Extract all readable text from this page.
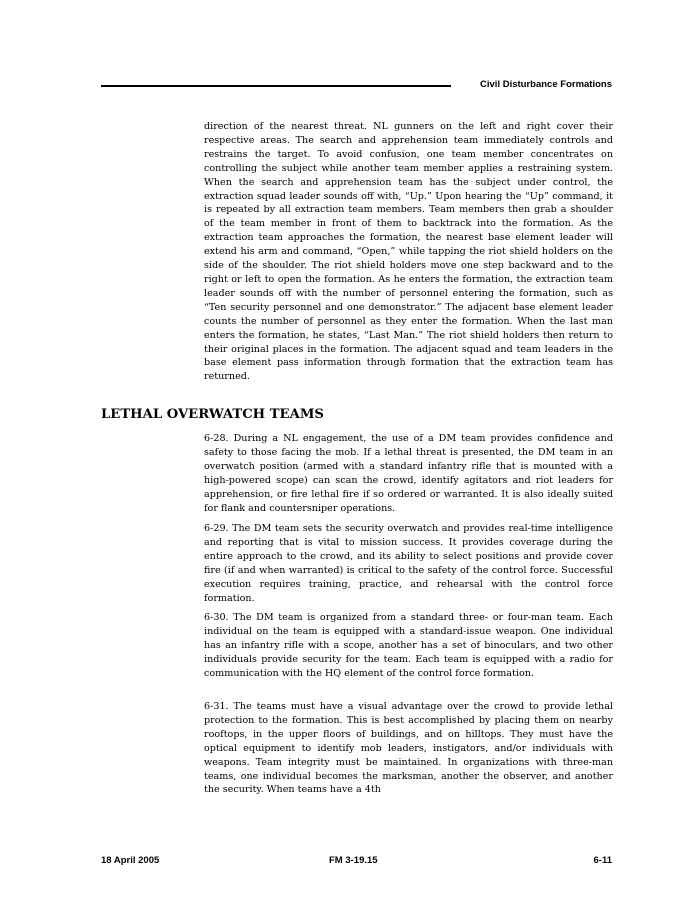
Civil Disturbance Formations

direction of the nearest threat. NL gunners on the left and right cover their respective areas. The search and apprehension team immediately controls and restrains the target. To avoid confusion, one team member concentrates on controlling the subject while another team member applies a restraining system. When the search and apprehension team has the subject under control, the extraction squad leader sounds off with, “Up.” Upon hearing the “Up” command, it is repeated by all extraction team members. Team members then grab a shoulder of the team member in front of them to backtrack into the formation. As the extraction team approaches the formation, the nearest base element leader will extend his arm and command, “Open,” while tapping the riot shield holders on the side of the shoulder. The riot shield holders move one step backward and to the right or left to open the formation. As he enters the formation, the extraction team leader sounds off with the number of personnel entering the formation, such as “Ten security personnel and one demonstrator.” The adjacent base element leader counts the number of personnel as they enter the formation. When the last man enters the formation, he states, “Last Man.” The riot shield holders then return to their original places in the formation. The adjacent squad and team leaders in the base element pass information through formation that the extraction team has returned.

LETHAL OVERWATCH TEAMS

6-28. During a NL engagement, the use of a DM team provides confidence and safety to those facing the mob. If a lethal threat is presented, the DM team in an overwatch position (armed with a standard infantry rifle that is mounted with a high-powered scope) can scan the crowd, identify agitators and riot leaders for apprehension, or fire lethal fire if so ordered or warranted. It is also ideally suited for flank and countersniper operations.

6-29. The DM team sets the security overwatch and provides real-time intelligence and reporting that is vital to mission success. It provides coverage during the entire approach to the crowd, and its ability to select positions and provide cover fire (if and when warranted) is critical to the safety of the control force. Successful execution requires training, practice, and rehearsal with the control force formation.

6-30. The DM team is organized from a standard three- or four-man team. Each individual on the team is equipped with a standard-issue weapon. One individual has an infantry rifle with a scope, another has a set of binoculars, and two other individuals provide security for the team. Each team is equipped with a radio for communication with the HQ element of the control force formation.

6-31. The teams must have a visual advantage over the crowd to provide lethal protection to the formation. This is best accomplished by placing them on nearby rooftops, in the upper floors of buildings, and on hilltops. They must have the optical equipment to identify mob leaders, instigators, and/or individuals with weapons. Team integrity must be maintained. In organizations with three-man teams, one individual becomes the marksman, another the observer, and another the security. When teams have a 4th

18 April 2005	FM 3-19.15	6-11
